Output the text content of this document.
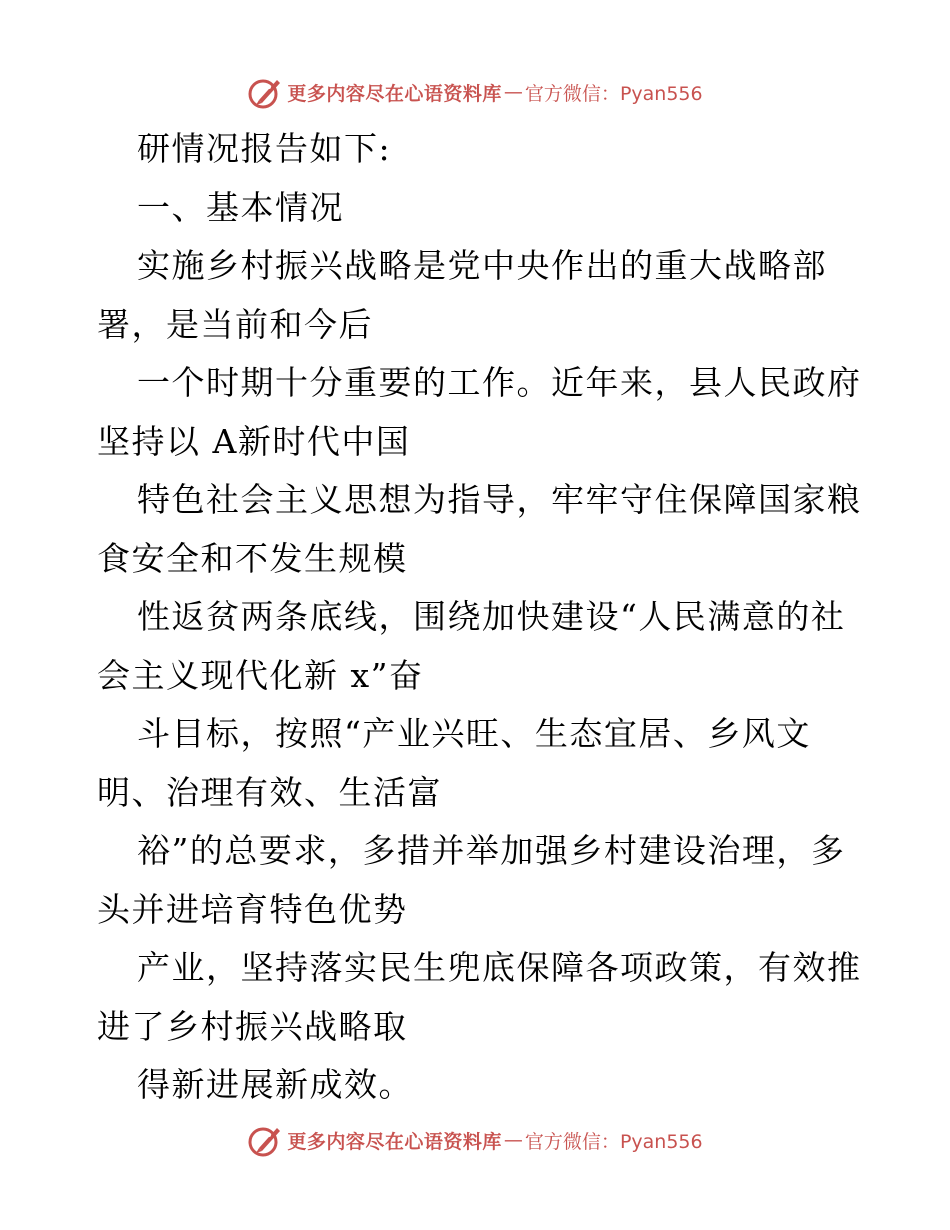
更多内容尽在心语资料库 — 官方微信：Pyan556
研情况报告如下:
一、基本情况
实施乡村振兴战略是党中央作出的重大战略部
署，是当前和今后
一个时期十分重要的工作。近年来，县人民政府
坚持以 A新时代中国
特色社会主义思想为指导，牢牢守住保障国家粮
食安全和不发生规模
性返贫两条底线，围绕加快建设“人民满意的社
会主义现代化新 x”奋
斗目标，按照“产业兴旺、生态宜居、乡风文
明、治理有效、生活富
裕”的总要求，多措并举加强乡村建设治理，多
头并进培育特色优势
产业，坚持落实民生兜底保障各项政策，有效推
进了乡村振兴战略取
得新进展新成效。
更多内容尽在心语资料库 — 官方微信：Pyan556
